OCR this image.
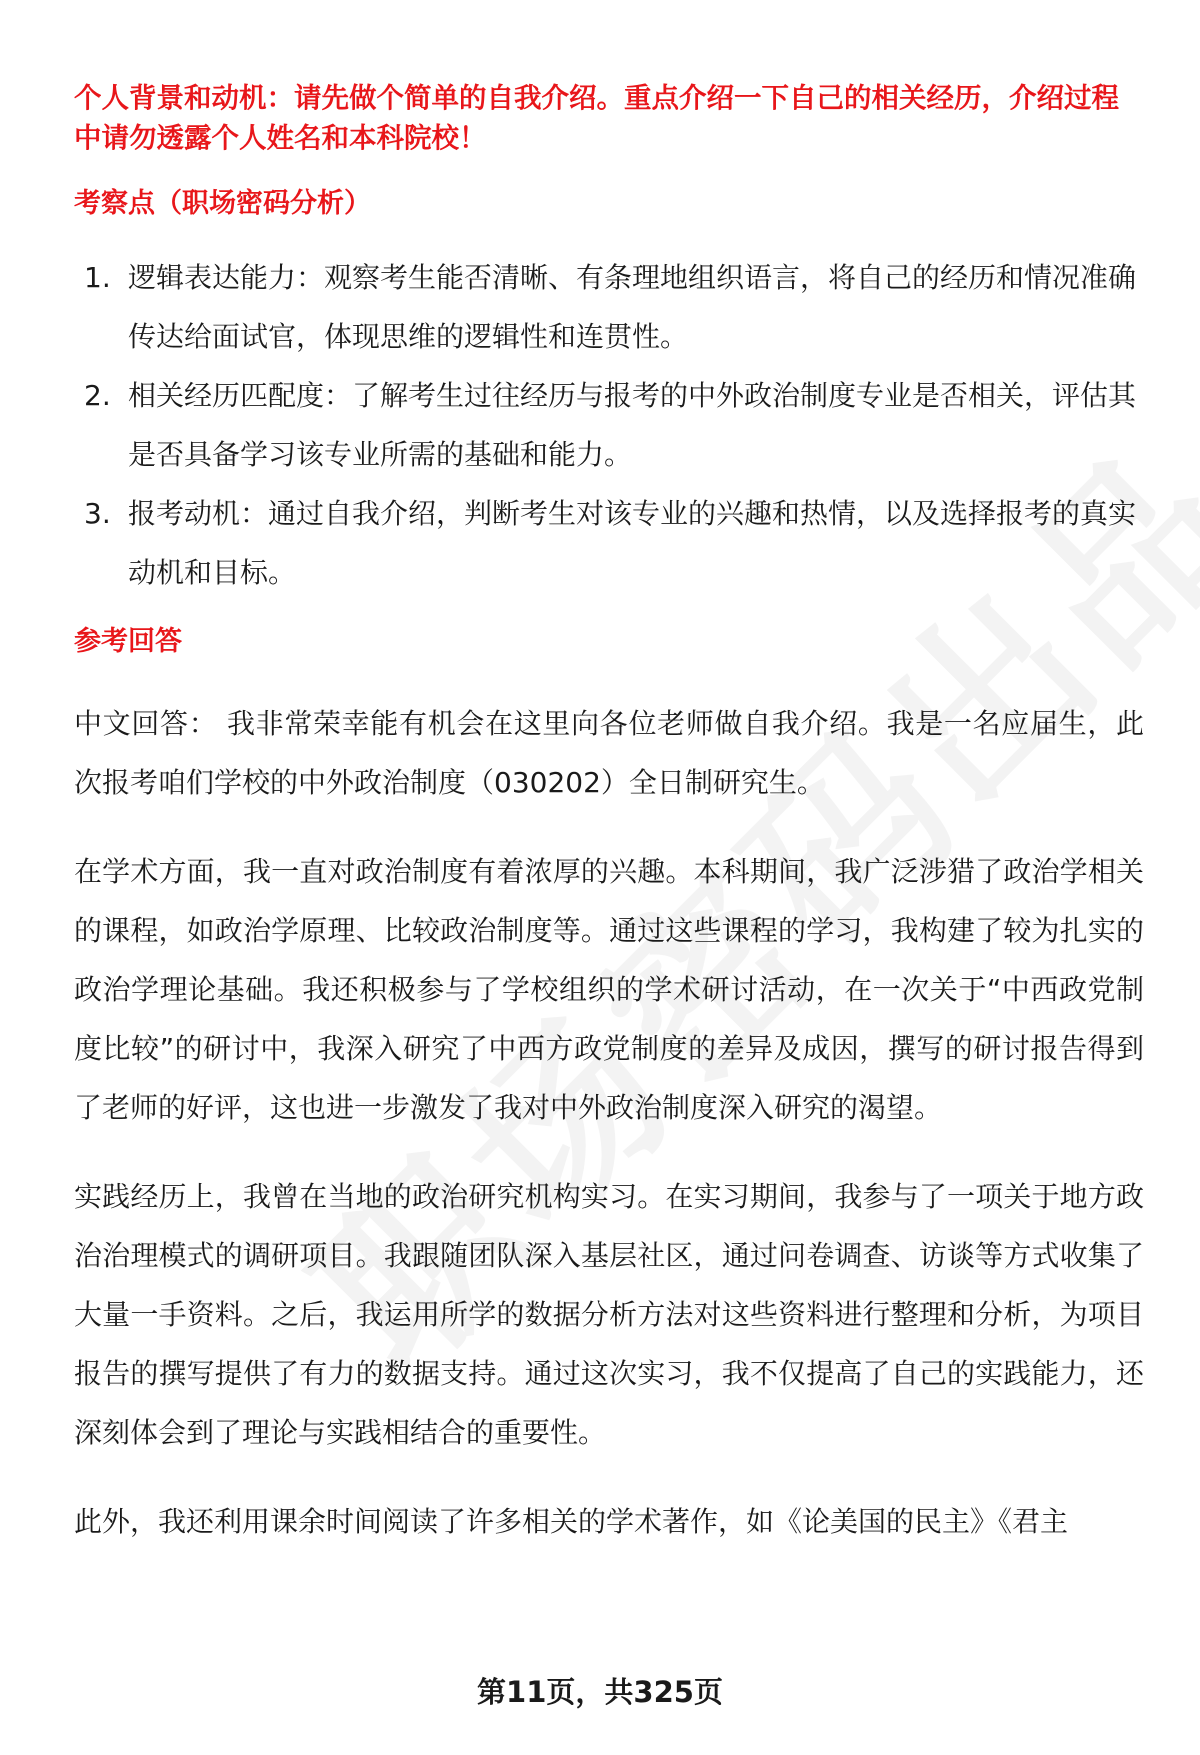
个人背景和动机：请先做个简单的自我介绍。重点介绍一下自己的相关经历，介绍过程中请勿透露个人姓名和本科院校！

考察点（职场密码分析）

1. 逻辑表达能力：观察考生能否清晰、有条理地组织语言，将自己的经历和情况准确传达给面试官，体现思维的逻辑性和连贯性。
2. 相关经历匹配度：了解考生过往经历与报考的中外政治制度专业是否相关，评估其是否具备学习该专业所需的基础和能力。
3. 报考动机：通过自我介绍，判断考生对该专业的兴趣和热情，以及选择报考的真实动机和目标。

参考回答

中文回答： 我非常荣幸能有机会在这里向各位老师做自我介绍。我是一名应届生，此次报考咱们学校的中外政治制度（030202）全日制研究生。

在学术方面，我一直对政治制度有着浓厚的兴趣。本科期间，我广泛涉猎了政治学相关的课程，如政治学原理、比较政治制度等。通过这些课程的学习，我构建了较为扎实的政治学理论基础。我还积极参与了学校组织的学术研讨活动，在一次关于“中西政党制度比较”的研讨中，我深入研究了中西方政党制度的差异及成因，撰写的研讨报告得到了老师的好评，这也进一步激发了我对中外政治制度深入研究的渴望。

实践经历上，我曾在当地的政治研究机构实习。在实习期间，我参与了一项关于地方政治治理模式的调研项目。我跟随团队深入基层社区，通过问卷调查、访谈等方式收集了大量一手资料。之后，我运用所学的数据分析方法对这些资料进行整理和分析，为项目报告的撰写提供了有力的数据支持。通过这次实习，我不仅提高了自己的实践能力，还深刻体会到了理论与实践相结合的重要性。

此外，我还利用课余时间阅读了许多相关的学术著作，如《论美国的民主》《君主

第11页，共325页
